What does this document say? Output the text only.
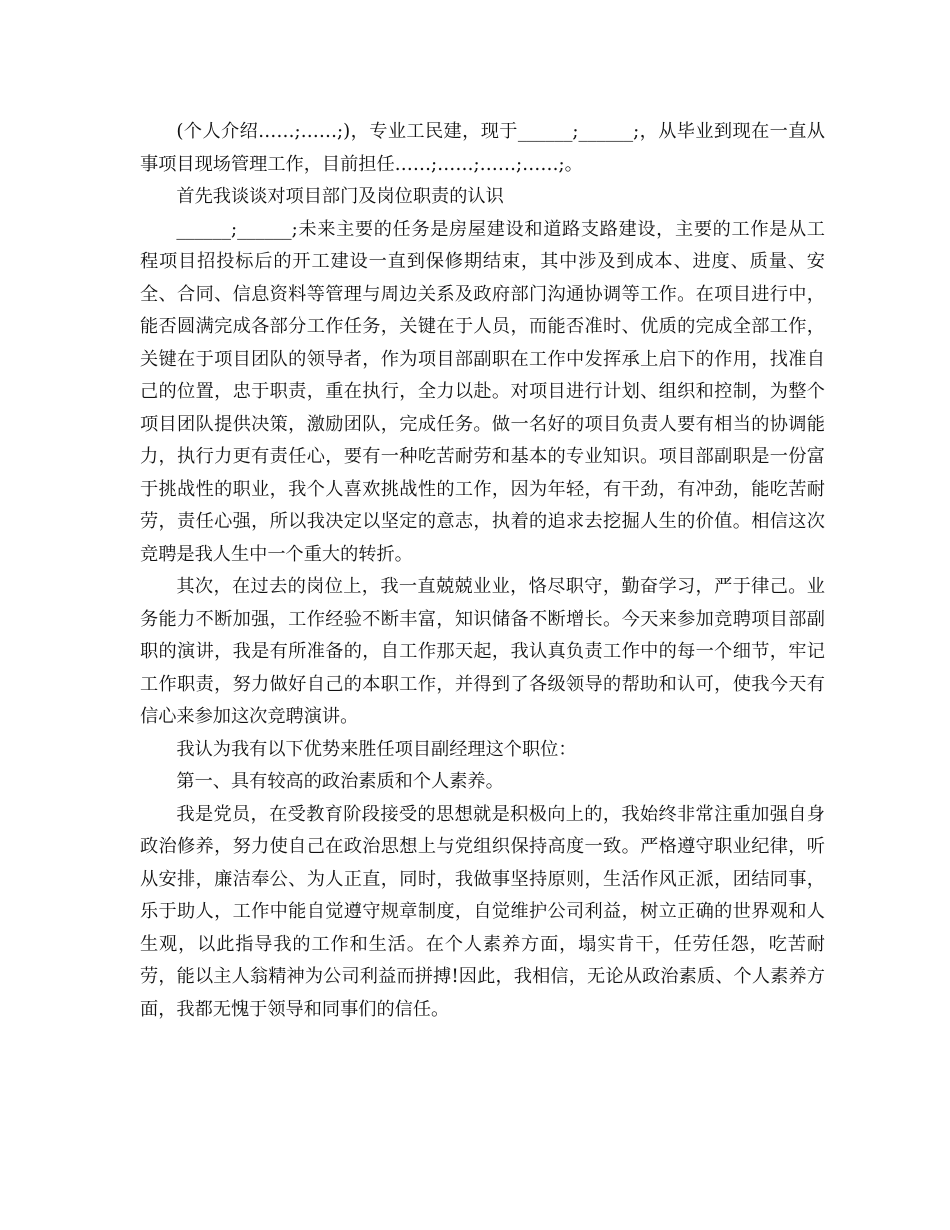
(个人介绍……;……;)，专业工民建，现于______;______;，从毕业到现在一直从事项目现场管理工作，目前担任……;……;……;……;。

首先我谈谈对项目部门及岗位职责的认识

______;______;未来主要的任务是房屋建设和道路支路建设，主要的工作是从工程项目招投标后的开工建设一直到保修期结束，其中涉及到成本、进度、质量、安全、合同、信息资料等管理与周边关系及政府部门沟通协调等工作。在项目进行中，能否圆满完成各部分工作任务，关键在于人员，而能否准时、优质的完成全部工作，关键在于项目团队的领导者，作为项目部副职在工作中发挥承上启下的作用，找准自己的位置，忠于职责，重在执行，全力以赴。对项目进行计划、组织和控制，为整个项目团队提供决策，激励团队，完成任务。做一名好的项目负责人要有相当的协调能力，执行力更有责任心，要有一种吃苦耐劳和基本的专业知识。项目部副职是一份富于挑战性的职业，我个人喜欢挑战性的工作，因为年轻，有干劲，有冲劲，能吃苦耐劳，责任心强，所以我决定以坚定的意志，执着的追求去挖掘人生的价值。相信这次竞聘是我人生中一个重大的转折。

其次，在过去的岗位上，我一直兢兢业业，恪尽职守，勤奋学习，严于律己。业务能力不断加强，工作经验不断丰富，知识储备不断增长。今天来参加竞聘项目部副职的演讲，我是有所准备的，自工作那天起，我认真负责工作中的每一个细节，牢记工作职责，努力做好自己的本职工作，并得到了各级领导的帮助和认可，使我今天有信心来参加这次竞聘演讲。

我认为我有以下优势来胜任项目副经理这个职位：

第一、具有较高的政治素质和个人素养。

我是党员，在受教育阶段接受的思想就是积极向上的，我始终非常注重加强自身政治修养，努力使自己在政治思想上与党组织保持高度一致。严格遵守职业纪律，听从安排，廉洁奉公、为人正直，同时，我做事坚持原则，生活作风正派，团结同事，乐于助人，工作中能自觉遵守规章制度，自觉维护公司利益，树立正确的世界观和人生观，以此指导我的工作和生活。在个人素养方面，塌实肯干，任劳任怨，吃苦耐劳，能以主人翁精神为公司利益而拼搏!因此，我相信，无论从政治素质、个人素养方面，我都无愧于领导和同事们的信任。
